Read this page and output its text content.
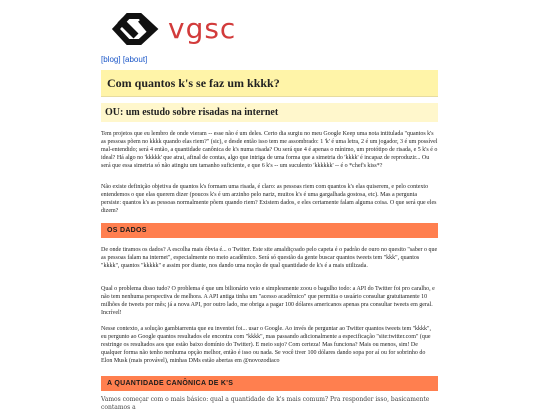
vgsc
[blog] [about]
Com quantos k's se faz um kkkk?
OU: um estudo sobre risadas na internet

Tem projetos que eu lembro de onde vieram -- esse não é um deles. Certo dia surgiu no meu Google Keep uma nota intitulada "quantos k's as pessoas põem no kkkk quando elas riem?" (sic), e desde então isso tem me assombrado: 1 'k' é uma letra, 2 é um jogador, 3 é um possível mal-entendido; será 4 então, a quantidade canônica de k's numa risada? Ou será que 4 é apenas o mínimo, um protótipo de risada, e 5 k's é o ideal? Há algo no 'kkkkk' que atrai, afinal de contas, algo que intriga de uma forma que a simetria do 'kkkk' é incapaz de reproduzir... Ou será que essa simetria só não atingiu um tamanho suficiente, e que 6 k's -- um suculento 'kkkkkk' -- é o *chef's kiss*?

Não existe definição objetiva de quantos k's formam uma risada, é claro: as pessoas riem com quantos k's elas quiserem, e pelo contexto entendemos o que elas querem dizer (poucos k's é um arzinho pelo nariz, muitos k's é uma gargalhada gostosa, etc). Mas a pergunta persiste: quantos k's as pessoas normalmente põem quando riem? Existem dados, e eles certamente falam alguma coisa. O que será que eles dizem?

OS DADOS

De onde tiramos os dados? A escolha mais óbvia é... o Twitter. Este site amaldiçoado pelo capeta é o padrão de ouro no quesito "saber o que as pessoas falam na internet", especialmente no meio acadêmico. Será só questão da gente buscar quantos tweets tem "kkk", quantos "kkkk", quantos "kkkkk" e assim por diante, nos dando uma noção de qual quantidade de k's é a mais utilizada.

Qual o problema disso tudo? O problema é que um bilionário veio e simplesmente zoou o bagulho todo: a API do Twitter foi pro caralho, e não tem nenhuma perspectiva de melhora. A API antiga tinha um "acesso acadêmico" que permitia o usuário consultar gratuitamente 10 milhões de tweets por mês; já a nova API, por outro lado, me obriga a pagar 100 dólares americanos apenas pra consultar tweets em geral. Incrível!

Nesse contexto, a solução gambiarrenta que eu inventei foi... usar o Google. Ao invés de perguntar ao Twitter quantos tweets tem "kkkk", eu pergunto ao Google quantos resultados ele encontra com "kkkk", mas passando adicionalmente a especificação "site:twitter.com" (que restringe os resultados aos que estão baixo domínio do Twitter). E meio sujo? Com certeza! Mas funciona? Mais ou menos, sim! De qualquer forma não tenho nenhuma opção melhor, então é isso ou nada. Se você tiver 100 dólares dando sopa por aí ou for sobrinho do Elon Musk (mais provável), minhas DMs estão abertas em @novozodiaco

A QUANTIDADE CANÔNICA DE K'S
Vamos começar com o mais básico: qual a quantidade de k's mais comum? Pra responder isso, basicamente contamos a
